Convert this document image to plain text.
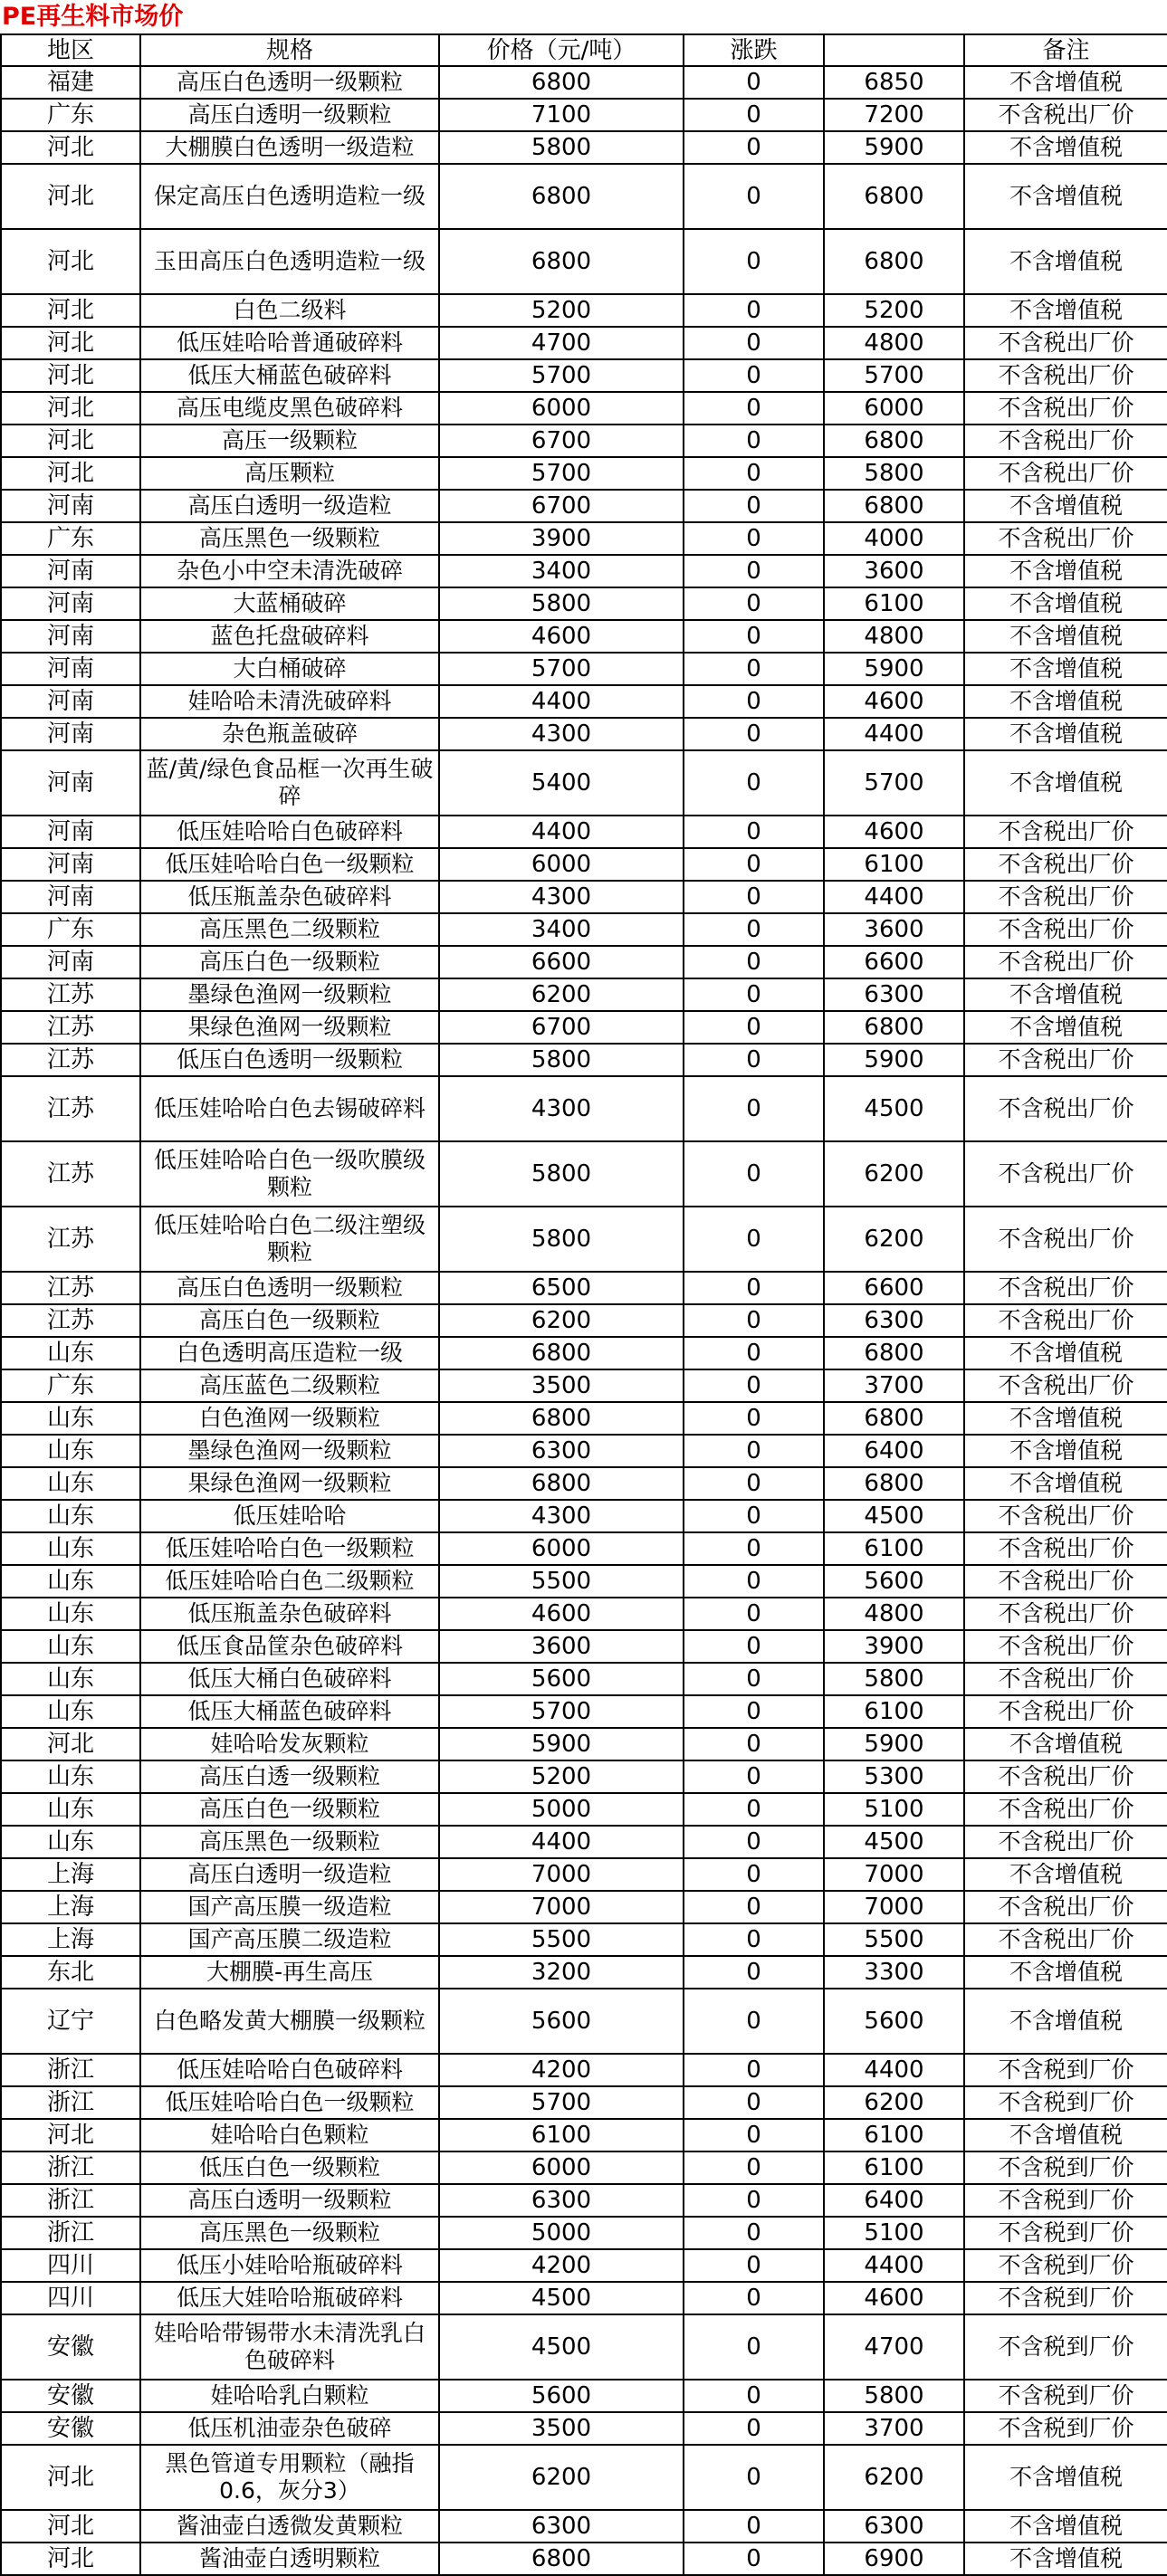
PE再生料市场价
地区	规格	价格（元/吨）	涨跌		备注
福建	高压白色透明一级颗粒	6800	0	6850	不含增值税
广东	高压白透明一级颗粒	7100	0	7200	不含税出厂价
河北	大棚膜白色透明一级造粒	5800	0	5900	不含增值税
河北	保定高压白色透明造粒一级	6800	0	6800	不含增值税
河北	玉田高压白色透明造粒一级	6800	0	6800	不含增值税
河北	白色二级料	5200	0	5200	不含增值税
河北	低压娃哈哈普通破碎料	4700	0	4800	不含税出厂价
河北	低压大桶蓝色破碎料	5700	0	5700	不含税出厂价
河北	高压电缆皮黑色破碎料	6000	0	6000	不含税出厂价
河北	高压一级颗粒	6700	0	6800	不含税出厂价
河北	高压颗粒	5700	0	5800	不含税出厂价
河南	高压白透明一级造粒	6700	0	6800	不含增值税
广东	高压黑色一级颗粒	3900	0	4000	不含税出厂价
河南	杂色小中空未清洗破碎	3400	0	3600	不含增值税
河南	大蓝桶破碎	5800	0	6100	不含增值税
河南	蓝色托盘破碎料	4600	0	4800	不含增值税
河南	大白桶破碎	5700	0	5900	不含增值税
河南	娃哈哈未清洗破碎料	4400	0	4600	不含增值税
河南	杂色瓶盖破碎	4300	0	4400	不含增值税
河南	蓝/黄/绿色食品框一次再生破碎	5400	0	5700	不含增值税
河南	低压娃哈哈白色破碎料	4400	0	4600	不含税出厂价
河南	低压娃哈哈白色一级颗粒	6000	0	6100	不含税出厂价
河南	低压瓶盖杂色破碎料	4300	0	4400	不含税出厂价
广东	高压黑色二级颗粒	3400	0	3600	不含税出厂价
河南	高压白色一级颗粒	6600	0	6600	不含税出厂价
江苏	墨绿色渔网一级颗粒	6200	0	6300	不含增值税
江苏	果绿色渔网一级颗粒	6700	0	6800	不含增值税
江苏	低压白色透明一级颗粒	5800	0	5900	不含税出厂价
江苏	低压娃哈哈白色去锡破碎料	4300	0	4500	不含税出厂价
江苏	低压娃哈哈白色一级吹膜级颗粒	5800	0	6200	不含税出厂价
江苏	低压娃哈哈白色二级注塑级颗粒	5800	0	6200	不含税出厂价
江苏	高压白色透明一级颗粒	6500	0	6600	不含税出厂价
江苏	高压白色一级颗粒	6200	0	6300	不含税出厂价
山东	白色透明高压造粒一级	6800	0	6800	不含增值税
广东	高压蓝色二级颗粒	3500	0	3700	不含税出厂价
山东	白色渔网一级颗粒	6800	0	6800	不含增值税
山东	墨绿色渔网一级颗粒	6300	0	6400	不含增值税
山东	果绿色渔网一级颗粒	6800	0	6800	不含增值税
山东	低压娃哈哈	4300	0	4500	不含税出厂价
山东	低压娃哈哈白色一级颗粒	6000	0	6100	不含税出厂价
山东	低压娃哈哈白色二级颗粒	5500	0	5600	不含税出厂价
山东	低压瓶盖杂色破碎料	4600	0	4800	不含税出厂价
山东	低压食品筐杂色破碎料	3600	0	3900	不含税出厂价
山东	低压大桶白色破碎料	5600	0	5800	不含税出厂价
山东	低压大桶蓝色破碎料	5700	0	6100	不含税出厂价
河北	娃哈哈发灰颗粒	5900	0	5900	不含增值税
山东	高压白透一级颗粒	5200	0	5300	不含税出厂价
山东	高压白色一级颗粒	5000	0	5100	不含税出厂价
山东	高压黑色一级颗粒	4400	0	4500	不含税出厂价
上海	高压白透明一级造粒	7000	0	7000	不含增值税
上海	国产高压膜一级造粒	7000	0	7000	不含税出厂价
上海	国产高压膜二级造粒	5500	0	5500	不含税出厂价
东北	大棚膜-再生高压	3200	0	3300	不含增值税
辽宁	白色略发黄大棚膜一级颗粒	5600	0	5600	不含增值税
浙江	低压娃哈哈白色破碎料	4200	0	4400	不含税到厂价
浙江	低压娃哈哈白色一级颗粒	5700	0	6200	不含税到厂价
河北	娃哈哈白色颗粒	6100	0	6100	不含增值税
浙江	低压白色一级颗粒	6000	0	6100	不含税到厂价
浙江	高压白透明一级颗粒	6300	0	6400	不含税到厂价
浙江	高压黑色一级颗粒	5000	0	5100	不含税到厂价
四川	低压小娃哈哈瓶破碎料	4200	0	4400	不含税到厂价
四川	低压大娃哈哈瓶破碎料	4500	0	4600	不含税到厂价
安徽	娃哈哈带锡带水未清洗乳白色破碎料	4500	0	4700	不含税到厂价
安徽	娃哈哈乳白颗粒	5600	0	5800	不含税到厂价
安徽	低压机油壶杂色破碎	3500	0	3700	不含税到厂价
河北	黑色管道专用颗粒（融指0.6，灰分3）	6200	0	6200	不含增值税
河北	酱油壶白透微发黄颗粒	6300	0	6300	不含增值税
河北	酱油壶白透明颗粒	6800	0	6900	不含增值税
